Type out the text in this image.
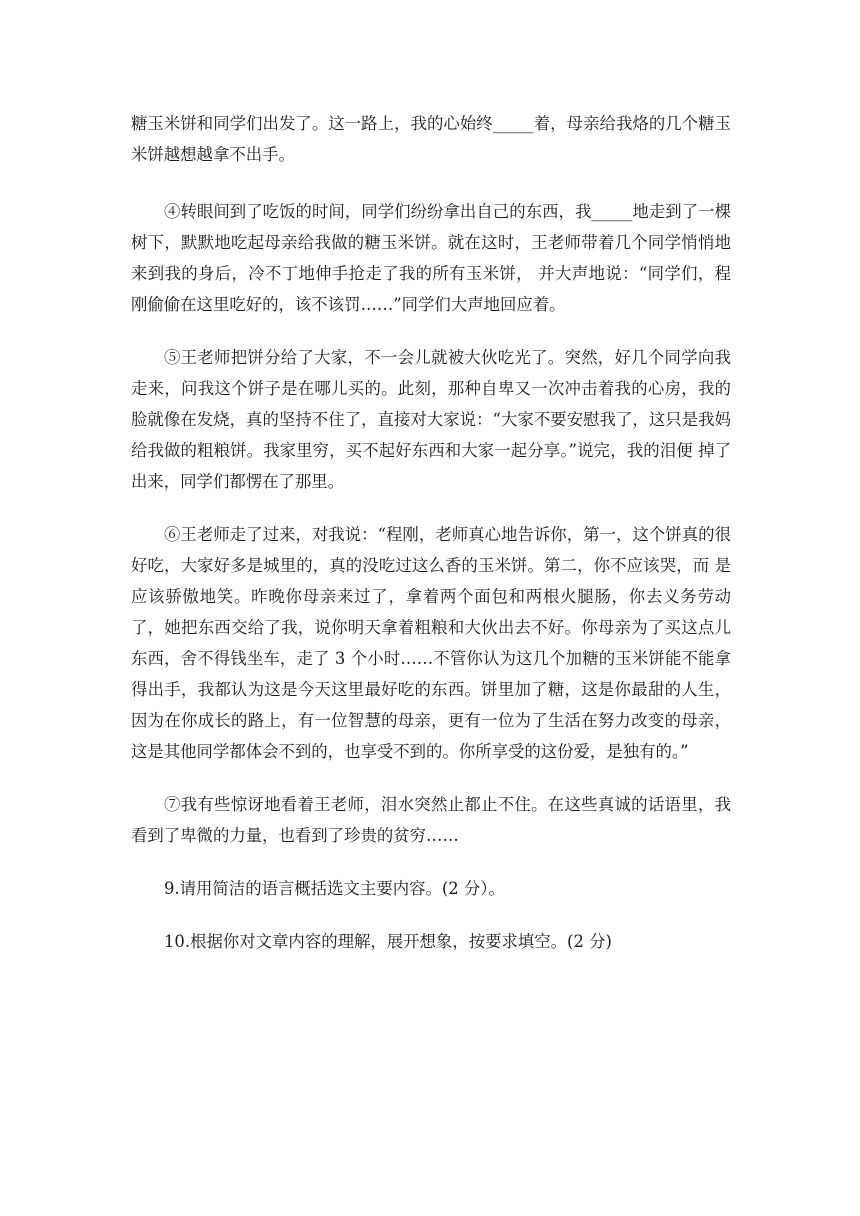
糖玉米饼和同学们出发了。这一路上，我的心始终_____着，母亲给我烙的几个糖玉米饼越想越拿不出手。

④转眼间到了吃饭的时间，同学们纷纷拿出自己的东西，我_____地走到了一棵树下，默默地吃起母亲给我做的糖玉米饼。就在这时，王老师带着几个同学悄悄地来到我的身后，冷不丁地伸手抢走了我的所有玉米饼， 并大声地说：“同学们，程刚偷偷在这里吃好的，该不该罚……”同学们大声地回应着。

⑤王老师把饼分给了大家，不一会儿就被大伙吃光了。突然，好几个同学向我走来，问我这个饼子是在哪儿买的。此刻，那种自卑又一次冲击着我的心房，我的 脸就像在发烧，真的坚持不住了，直接对大家说：“大家不要安慰我了，这只是我妈给我做的粗粮饼。我家里穷，买不起好东西和大家一起分享。”说完，我的泪便 掉了出来，同学们都愣在了那里。

⑥王老师走了过来，对我说：“程刚，老师真心地告诉你，第一，这个饼真的很好吃，大家好多是城里的，真的没吃过这么香的玉米饼。第二，你不应该哭，而 是应该骄傲地笑。昨晚你母亲来过了，拿着两个面包和两根火腿肠，你去义务劳动了，她把东西交给了我，说你明天拿着粗粮和大伙出去不好。你母亲为了买这点儿 东西，舍不得钱坐车，走了 3 个小时……不管你认为这几个加糖的玉米饼能不能拿得出手，我都认为这是今天这里最好吃的东西。饼里加了糖，这是你最甜的人生， 因为在你成长的路上，有一位智慧的母亲，更有一位为了生活在努力改变的母亲，这是其他同学都体会不到的，也享受不到的。你所享受的这份爱，是独有的。”

⑦我有些惊讶地看着王老师，泪水突然止都止不住。在这些真诚的话语里，我看到了卑微的力量，也看到了珍贵的贫穷……

9.请用简洁的语言概括选文主要内容。(2 分）。

10.根据你对文章内容的理解，展开想象，按要求填空。(2 分)
